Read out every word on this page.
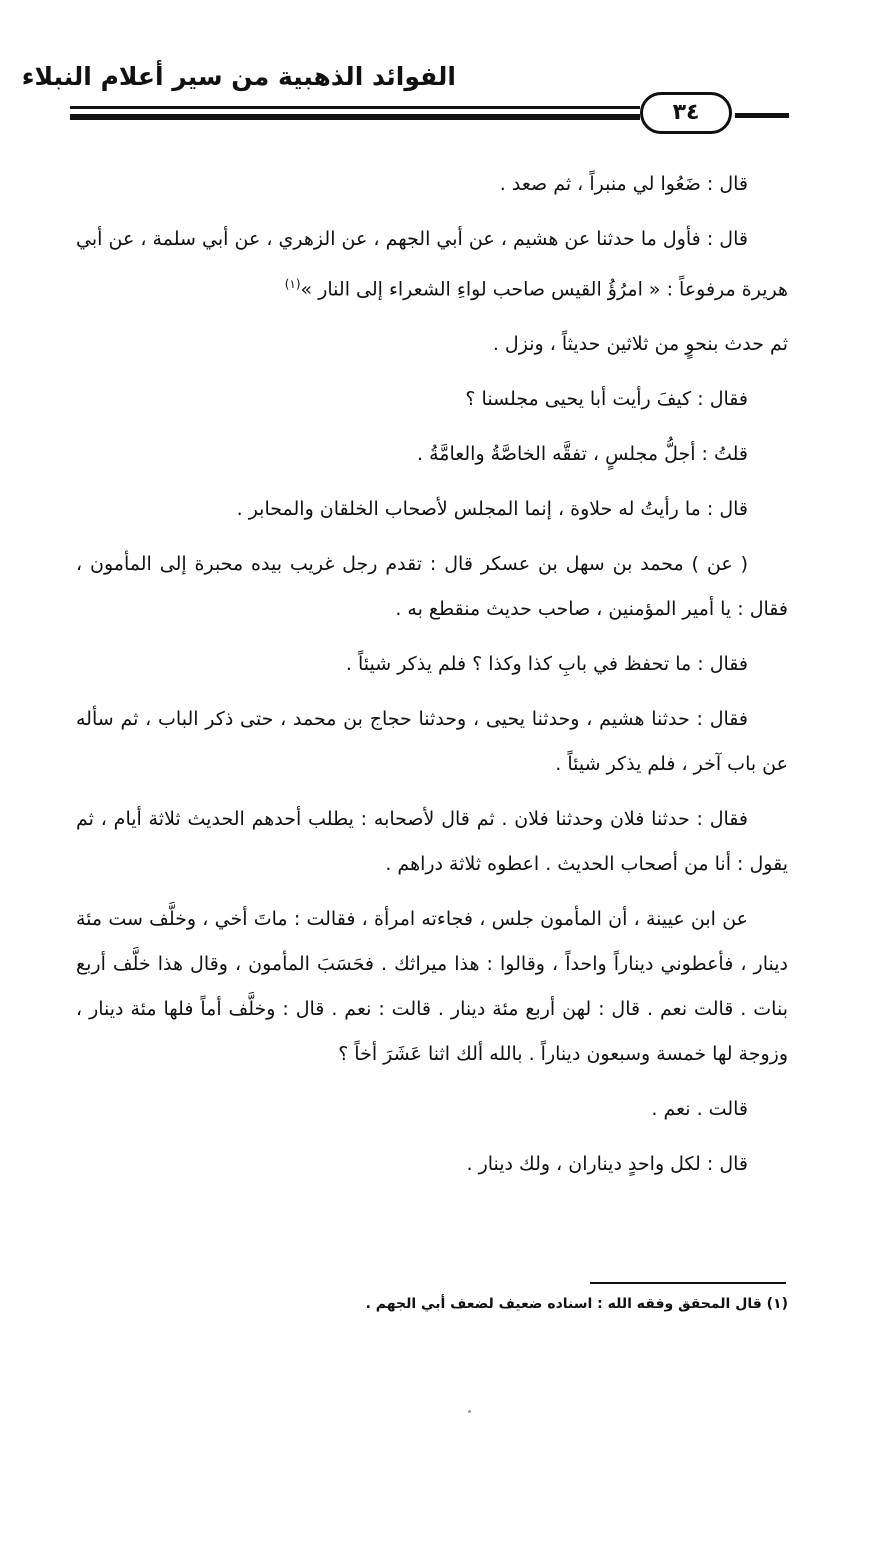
الفوائد الذهبية من سير أعلام النبلاء
٣٤

قال : ضَعُوا لي منبراً ، ثم صعد .

قال : فأول ما حدثنا عن هشيم ، عن أبي الجهم ، عن الزهري ، عن أبي سلمة ، عن أبي هريرة مرفوعاً : « امرُؤُ القيس صاحب لواءِ الشعراء إلى النار »$^{(١)}$

ثم حدث بنحوٍ من ثلاثين حديثاً ، ونزل .

فقال : كيفَ رأيت أبا يحيى مجلسنا ؟

قلتُ : أجلُّ مجلسٍ ، تفقَّه الخاصَّةُ والعامَّةُ .

قال : ما رأيتُ له حلاوة ، إنما المجلس لأصحاب الخلقان والمحابر .

( عن ) محمد بن سهل بن عسكر قال : تقدم رجل غريب بيده محبرة إلى المأمون ، فقال : يا أمير المؤمنين ، صاحب حديث منقطع به .

فقال : ما تحفظ في بابِ كذا وكذا ؟ فلم يذكر شيئاً .

فقال : حدثنا هشيم ، وحدثنا يحيى ، وحدثنا حجاج بن محمد ، حتى ذكر الباب ، ثم سأله عن باب آخر ، فلم يذكر شيئاً .

فقال : حدثنا فلان وحدثنا فلان . ثم قال لأصحابه : يطلب أحدهم الحديث ثلاثة أيام ، ثم يقول : أنا من أصحاب الحديث . اعطوه ثلاثة دراهم .

عن ابن عيينة ، أن المأمون جلس ، فجاءته امرأة ، فقالت : ماتَ أخي ، وخلَّف ست مئة دينار ، فأعطوني ديناراً واحداً ، وقالوا : هذا ميراثك . فحَسَبَ المأمون ، وقال هذا خلَّف أربع بنات . قالت نعم . قال : لهن أربع مئة دينار . قالت : نعم . قال : وخلَّف أماً فلها مئة دينار ، وزوجة لها خمسة وسبعون ديناراً . بالله ألك اثنا عَشَرَ أخاً ؟

قالت . نعم .

قال : لكل واحدٍ ديناران ، ولك دينار .

(١) قال المحقق وفقه الله : اسناده ضعيف لضعف أبي الجهم .
